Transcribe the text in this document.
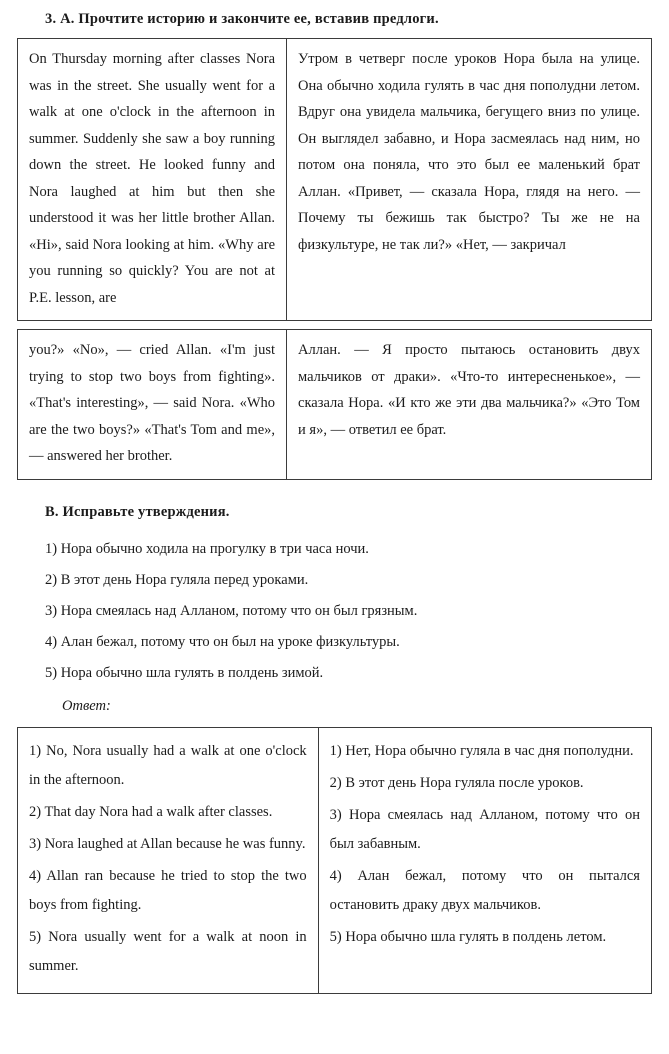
3. А. Прочтите историю и закончите ее, вставив предлоги.
On Thursday morning after classes Nora was in the street. She usually went for a walk at one o'clock in the afternoon in summer. Suddenly she saw a boy running down the street. He looked funny and Nora laughed at him but then she understood it was her little brother Allan. «Hi», said Nora looking at him. «Why are you running so quickly? You are not at P.E. lesson, are
Утром в четверг после уроков Нора была на улице. Она обычно ходила гулять в час дня пополудни летом. Вдруг она увидела мальчика, бегущего вниз по улице. Он выглядел забавно, и Нора засмеялась над ним, но потом она поняла, что это был ее маленький брат Аллан. «Привет, — сказала Нора, глядя на него. — Почему ты бежишь так быстро? Ты же не на физкультуре, не так ли?» «Нет, — закричал
you?» «No», — cried Allan. «I'm just trying to stop two boys from fighting». «That's interesting», — said Nora. «Who are the two boys?» «That's Tom and me», — answered her brother.
Аллан. — Я просто пытаюсь остановить двух мальчиков от драки». «Что-то интересненькое», — сказала Нора. «И кто же эти два мальчика?» «Это Том и я», — ответил ее брат.
В. Исправьте утверждения.
1) Нора обычно ходила на прогулку в три часа ночи.
2) В этот день Нора гуляла перед уроками.
3) Нора смеялась над Алланом, потому что он был грязным.
4) Алан бежал, потому что он был на уроке физкультуры.
5) Нора обычно шла гулять в полдень зимой.
Ответ:
1) No, Nora usually had a walk at one o'clock in the afternoon.
2) That day Nora had a walk after classes.
3) Nora laughed at Allan because he was funny.
4) Allan ran because he tried to stop the two boys from fighting.
5) Nora usually went for a walk at noon in summer.
1) Нет, Нора обычно гуляла в час дня пополудни.
2) В этот день Нора гуляла после уроков.
3) Нора смеялась над Алланом, потому что он был забавным.
4) Алан бежал, потому что он пытался остановить драку двух мальчиков.
5) Нора обычно шла гулять в полдень летом.
